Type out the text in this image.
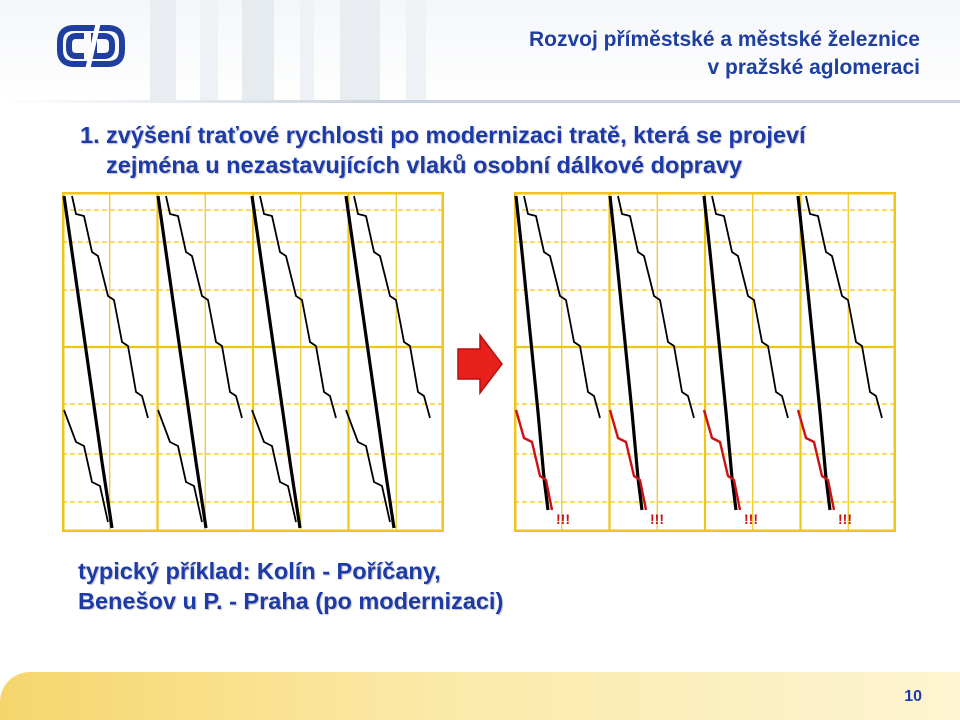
Rozvoj příměstské a městské železnice
v pražské aglomeraci
1. zvýšení traťové rychlosti po modernizaci tratě, která se projeví
zejména u nezastavujících vlaků osobní dálkové dopravy
!!!	!!!	!!!	!!!
typický příklad: Kolín - Poříčany,
Benešov u P. - Praha (po modernizaci)
10
